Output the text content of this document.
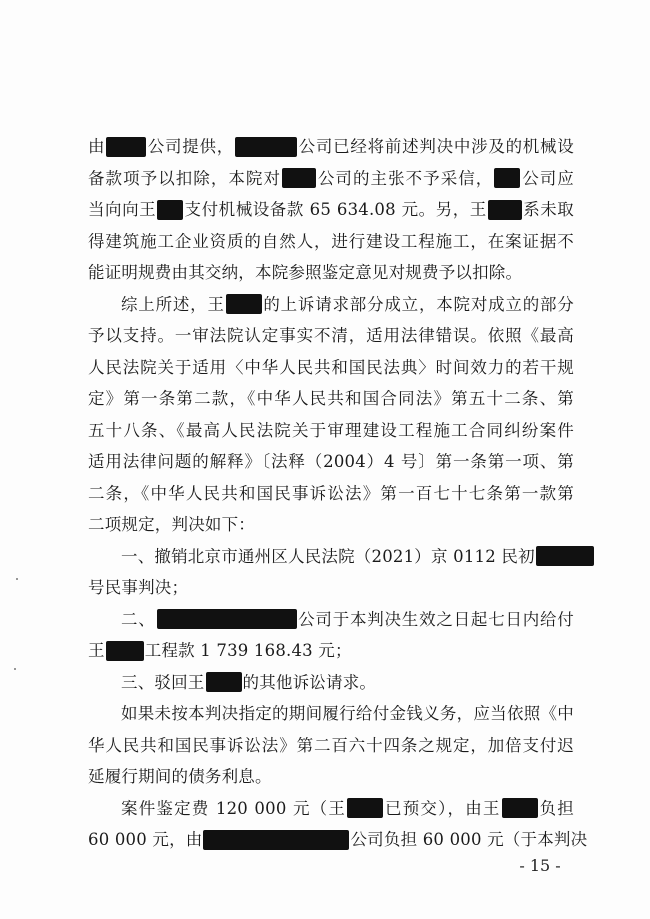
由	公司提供，	公司已经将前述判决中涉及的机械设
备款项予以扣除，本院对 公司的主张不予采信， 公司应
当向向王 支付机械设备款 65 634.08 元。另，王 系未取
得建筑施工企业资质的自然人，进行建设工程施工，在案证据不
能证明规费由其交纳，本院参照鉴定意见对规费予以扣除。
综上所述，王 的上诉请求部分成立，本院对成立的部分
予以支持。一审法院认定事实不清，适用法律错误。依照《最高
人民法院关于适用〈中华人民共和国民法典〉时间效力的若干规
定》第一条第二款，《中华人民共和国合同法》第五十二条、第
五十八条、《最高人民法院关于审理建设工程施工合同纠纷案件
适用法律问题的解释》〔法释（2004）4 号〕第一条第一项、第
二条，《中华人民共和国民事诉讼法》第一百七十七条第一款第
二项规定，判决如下：
一、撤销北京市通州区人民法院（2021）京 0112 民初
号民事判决；
二、	公司于本判决生效之日起七日内给付
王 工程款 1 739 168.43 元；
三、驳回王 的其他诉讼请求。
如果未按本判决指定的期间履行给付金钱义务，应当依照《中
华人民共和国民事诉讼法》第二百六十四条之规定，加倍支付迟
延履行期间的债务利息。
案件鉴定费 120 000 元（王 已预交），由王 负担
60 000 元，由	公司负担 60 000 元（于本判决
- 15 -
